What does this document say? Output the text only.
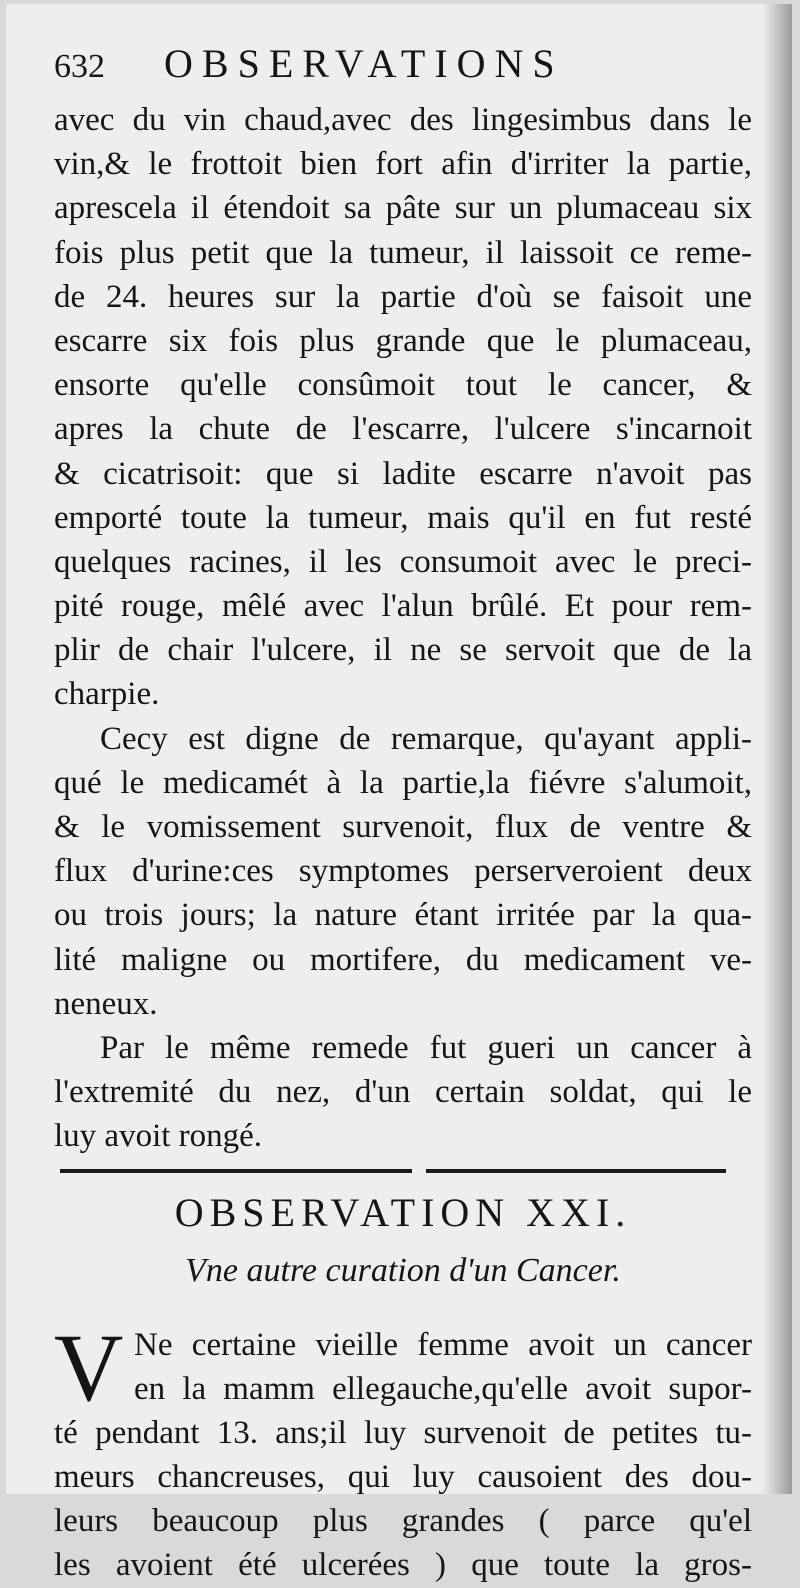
632	OBSERVATIONS
avec du vin chaud,avec des lingesimbus dans le
vin,& le frottoit bien fort afin d'irriter la partie,
aprescela il étendoit sa pâte sur un plumaceau six
fois plus petit que la tumeur, il laissoit ce reme-
de 24. heures sur la partie d'où se faisoit une
escarre six fois plus grande que le plumaceau,
ensorte qu'elle consûmoit tout le cancer, &
apres la chute de l'escarre, l'ulcere s'incarnoit
& cicatrisoit: que si ladite escarre n'avoit pas
emporté toute la tumeur, mais qu'il en fut resté
quelques racines, il les consumoit avec le preci-
pité rouge, mêlé avec l'alun brûlé. Et pour rem-
plir de chair l'ulcere, il ne se servoit que de la
charpie.
Cecy est digne de remarque, qu'ayant appli-
qué le medicamét à la partie,la fiévre s'alumoit,
& le vomissement survenoit, flux de ventre &
flux d'urine:ces symptomes perserveroient deux
ou trois jours; la nature étant irritée par la qua-
lité maligne ou mortifere, du medicament ve-
neneux.
Par le même remede fut gueri un cancer à
l'extremité du nez, d'un certain soldat, qui le
luy avoit rongé.
OBSERVATION XXI.
Vne autre curation d'un Cancer.
V Ne certaine vieille femme avoit un cancer
en la mamm ellegauche,qu'elle avoit supor-
té pendant 13. ans;il luy survenoit de petites tu-
meurs chancreuses, qui luy causoient des dou-
leurs beaucoup plus grandes ( parce qu'el
les avoient été ulcerées ) que toute la gros-
